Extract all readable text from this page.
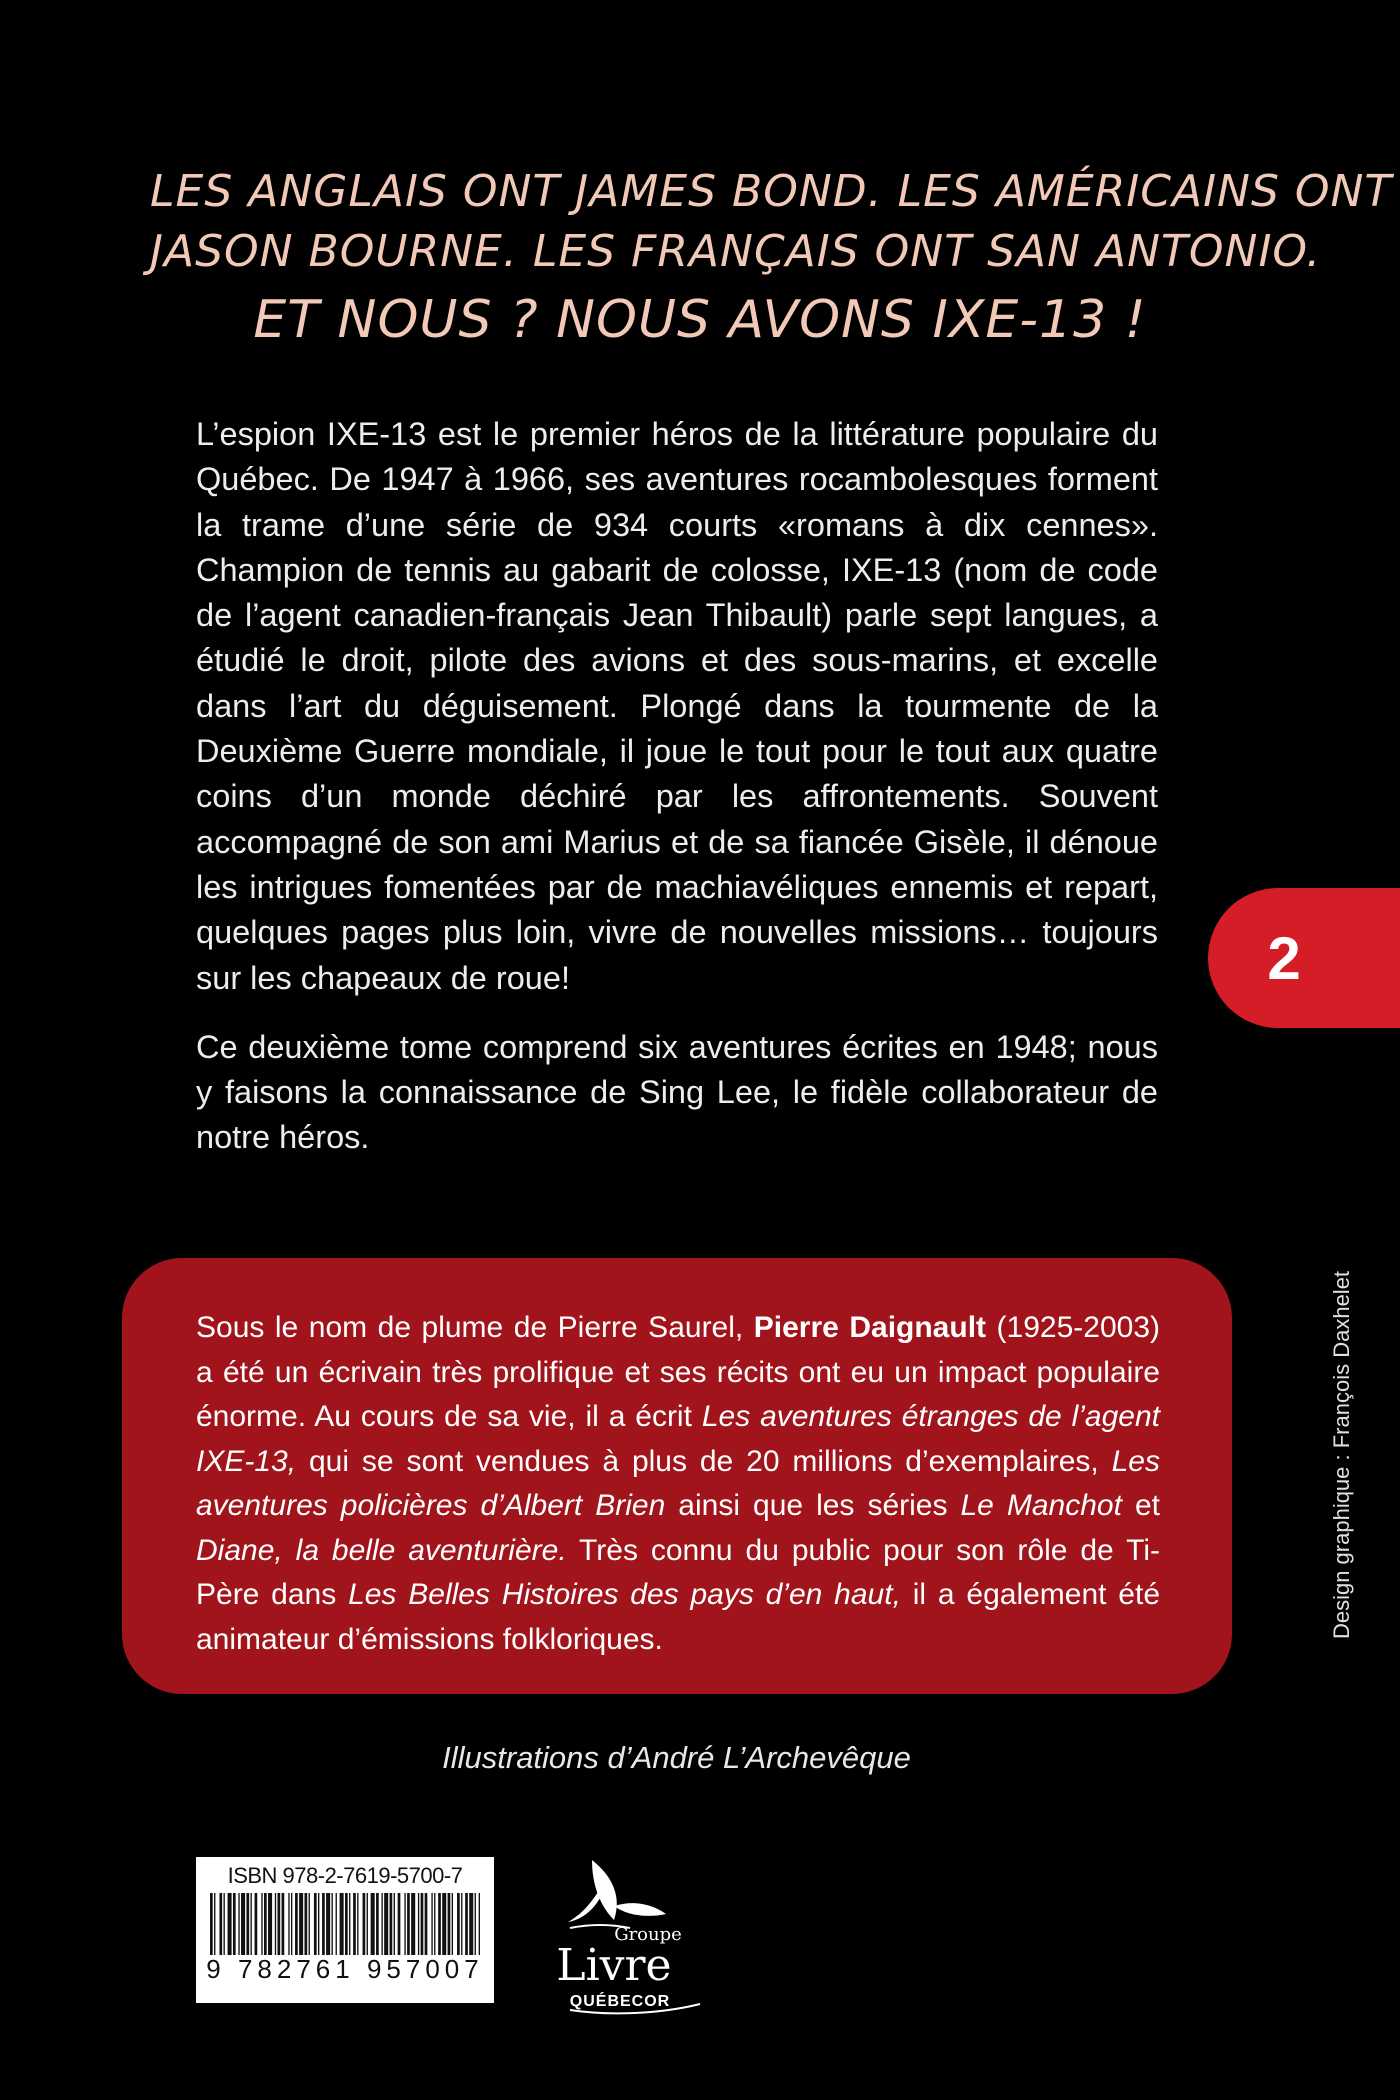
LES ANGLAIS ONT JAMES BOND. LES AMÉRICAINS ONT
JASON BOURNE. LES FRANÇAIS ONT SAN ANTONIO.
ET NOUS ? NOUS AVONS IXE-13 !

L’espion IXE-13 est le premier héros de la littérature populaire du Québec. De 1947 à 1966, ses aventures rocambolesques forment la trame d’une série de 934 courts «romans à dix cennes». Champion de tennis au gabarit de colosse, IXE-13 (nom de code de l’agent canadien-français Jean Thibault) parle sept langues, a étudié le droit, pilote des avions et des sous-marins, et excelle dans l’art du déguisement. Plongé dans la tourmente de la Deuxième Guerre mondiale, il joue le tout pour le tout aux quatre coins d’un monde déchiré par les affrontements. Souvent accompagné de son ami Marius et de sa fiancée Gisèle, il dénoue les intrigues fomentées par de machiavéliques ennemis et repart, quelques pages plus loin, vivre de nouvelles missions… toujours sur les chapeaux de roue!

Ce deuxième tome comprend six aventures écrites en 1948; nous y faisons la connaissance de Sing Lee, le fidèle collaborateur de notre héros.

2
Design graphique : François Daxhelet
Sous le nom de plume de Pierre Saurel, Pierre Daignault (1925-2003) a été un écrivain très prolifique et ses récits ont eu un impact populaire énorme. Au cours de sa vie, il a écrit Les aventures étranges de l’agent IXE-13, qui se sont vendues à plus de 20 millions d’exemplaires, Les aventures policières d’Albert Brien ainsi que les séries Le Manchot et Diane, la belle aventurière. Très connu du public pour son rôle de Ti-Père dans Les Belles Histoires des pays d’en haut, il a également été animateur d’émissions folkloriques.
Illustrations d’André L’Archevêque
ISBN 978-2-7619-5700-7
9 782761 957007
Groupe
Livre
QUÉBECOR
